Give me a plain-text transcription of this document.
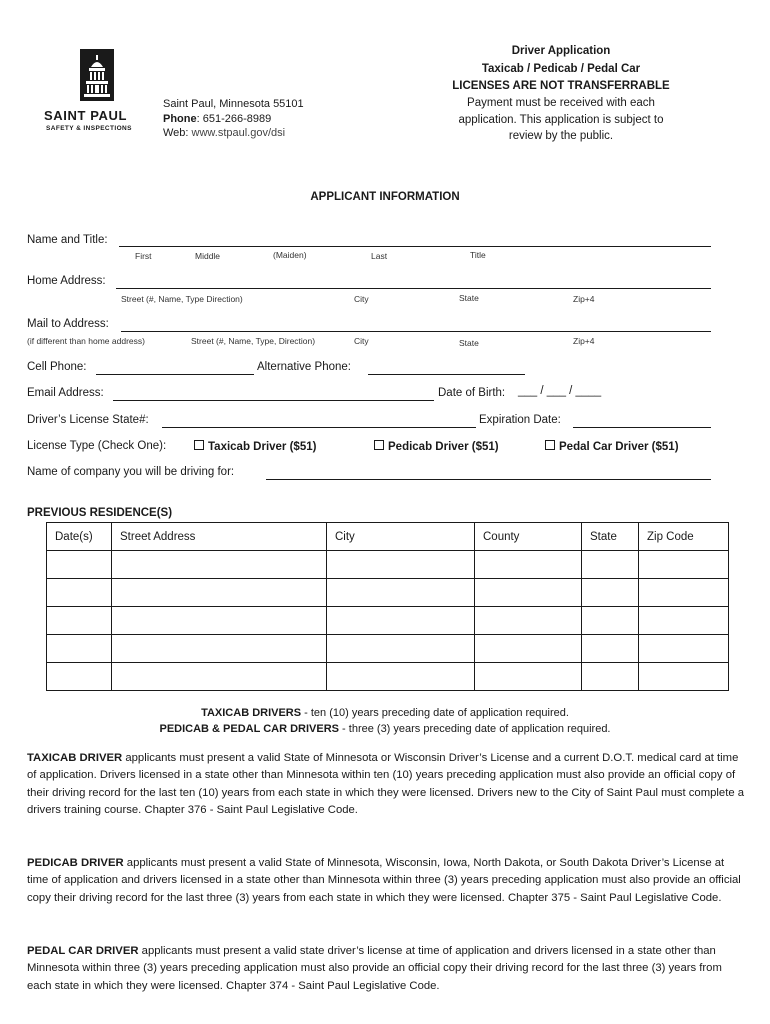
SAINT PAUL
SAFETY & INSPECTIONS
Saint Paul, Minnesota 55101
Phone: 651-266-8989
Web: www.stpaul.gov/dsi
Driver Application
Taxicab / Pedicab / Pedal Car
LICENSES ARE NOT TRANSFERRABLE
Payment must be received with each
application. This application is subject to
review by the public.
APPLICANT INFORMATION
Name and Title:
First	Middle	(Maiden)	Last	Title
Home Address:
Street (#, Name, Type Direction)	City	State	Zip+4
Mail to Address:
(if different than home address)	Street (#, Name, Type, Direction)	City	State	Zip+4
Cell Phone:	Alternative Phone:
Email Address:	Date of Birth: ___ / ___ / ____
Driver’s License State#:	Expiration Date:
License Type (Check One):	Taxicab Driver ($51)	Pedicab Driver ($51)	Pedal Car Driver ($51)
Name of company you will be driving for:
PREVIOUS RESIDENCE(S)
Date(s)	Street Address	City	County	State	Zip Code

TAXICAB DRIVERS - ten (10) years preceding date of application required.
PEDICAB & PEDAL CAR DRIVERS - three (3) years preceding date of application required.
TAXICAB DRIVER applicants must present a valid State of Minnesota or Wisconsin Driver’s License and a current D.O.T. medical card at time of application. Drivers licensed in a state other than Minnesota within ten (10) years preceding application must also provide an official copy of their driving record for the last ten (10) years from each state in which they were licensed. Drivers new to the City of Saint Paul must complete a drivers training course. Chapter 376 - Saint Paul Legislative Code.
PEDICAB DRIVER applicants must present a valid State of Minnesota, Wisconsin, Iowa, North Dakota, or South Dakota Driver’s License at time of application and drivers licensed in a state other than Minnesota within three (3) years preceding application must also provide an official copy their driving record for the last three (3) years from each state in which they were licensed. Chapter 375 - Saint Paul Legislative Code.
PEDAL CAR DRIVER applicants must present a valid state driver’s license at time of application and drivers licensed in a state other than Minnesota within three (3) years preceding application must also provide an official copy their driving record for the last three (3) years from each state in which they were licensed. Chapter 374 - Saint Paul Legislative Code.
